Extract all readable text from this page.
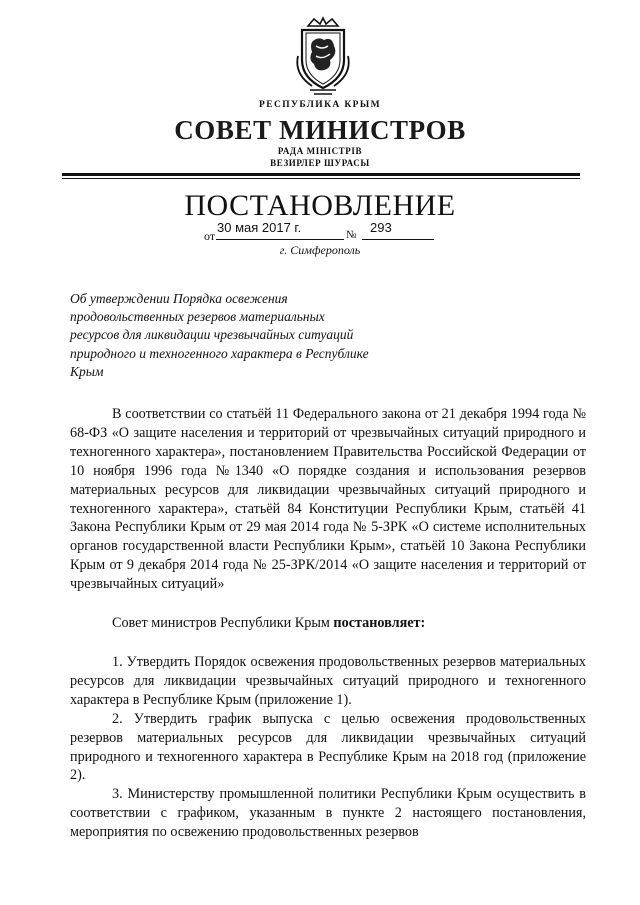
РЕСПУБЛИКА КРЫМ
СОВЕТ МИНИСТРОВ
РАДА МІНІСТРІВ
ВЕЗИРЛЕР ШУРАСЫ
ПОСТАНОВЛЕНИЕ
от
30 мая 2017 г.	№ 293
г. Симферополь
Об утверждении Порядка освежения продовольственных резервов материальных ресурсов для ликвидации чрезвычайных ситуаций природного и техногенного характера в Республике Крым

В соответствии со статьёй 11 Федерального закона от 21 декабря 1994 года № 68-ФЗ «О защите населения и территорий от чрезвычайных ситуаций природного и техногенного характера», постановлением Правительства Российской Федерации от 10 ноября 1996 года №1340 «О порядке создания и использования резервов материальных ресурсов для ликвидации чрезвычайных ситуаций природного и техногенного характера», статьёй 84 Конституции Республики Крым, статьёй 41 Закона Республики Крым от 29 мая 2014 года № 5-ЗРК «О системе исполнительных органов государственной власти Республики Крым», статьёй 10 Закона Республики Крым от 9 декабря 2014 года № 25-ЗРК/2014 «О защите населения и территорий от чрезвычайных ситуаций»

Совет министров Республики Крым постановляет:

1. Утвердить Порядок освежения продовольственных резервов материальных ресурсов для ликвидации чрезвычайных ситуаций природного и техногенного характера в Республике Крым (приложение 1).

2. Утвердить график выпуска с целью освежения продовольственных резервов материальных ресурсов для ликвидации чрезвычайных ситуаций природного и техногенного характера в Республике Крым на 2018 год (приложение 2).

3. Министерству промышленной политики Республики Крым осуществить в соответствии с графиком, указанным в пункте 2 настоящего постановления, мероприятия по освежению продовольственных резервов
